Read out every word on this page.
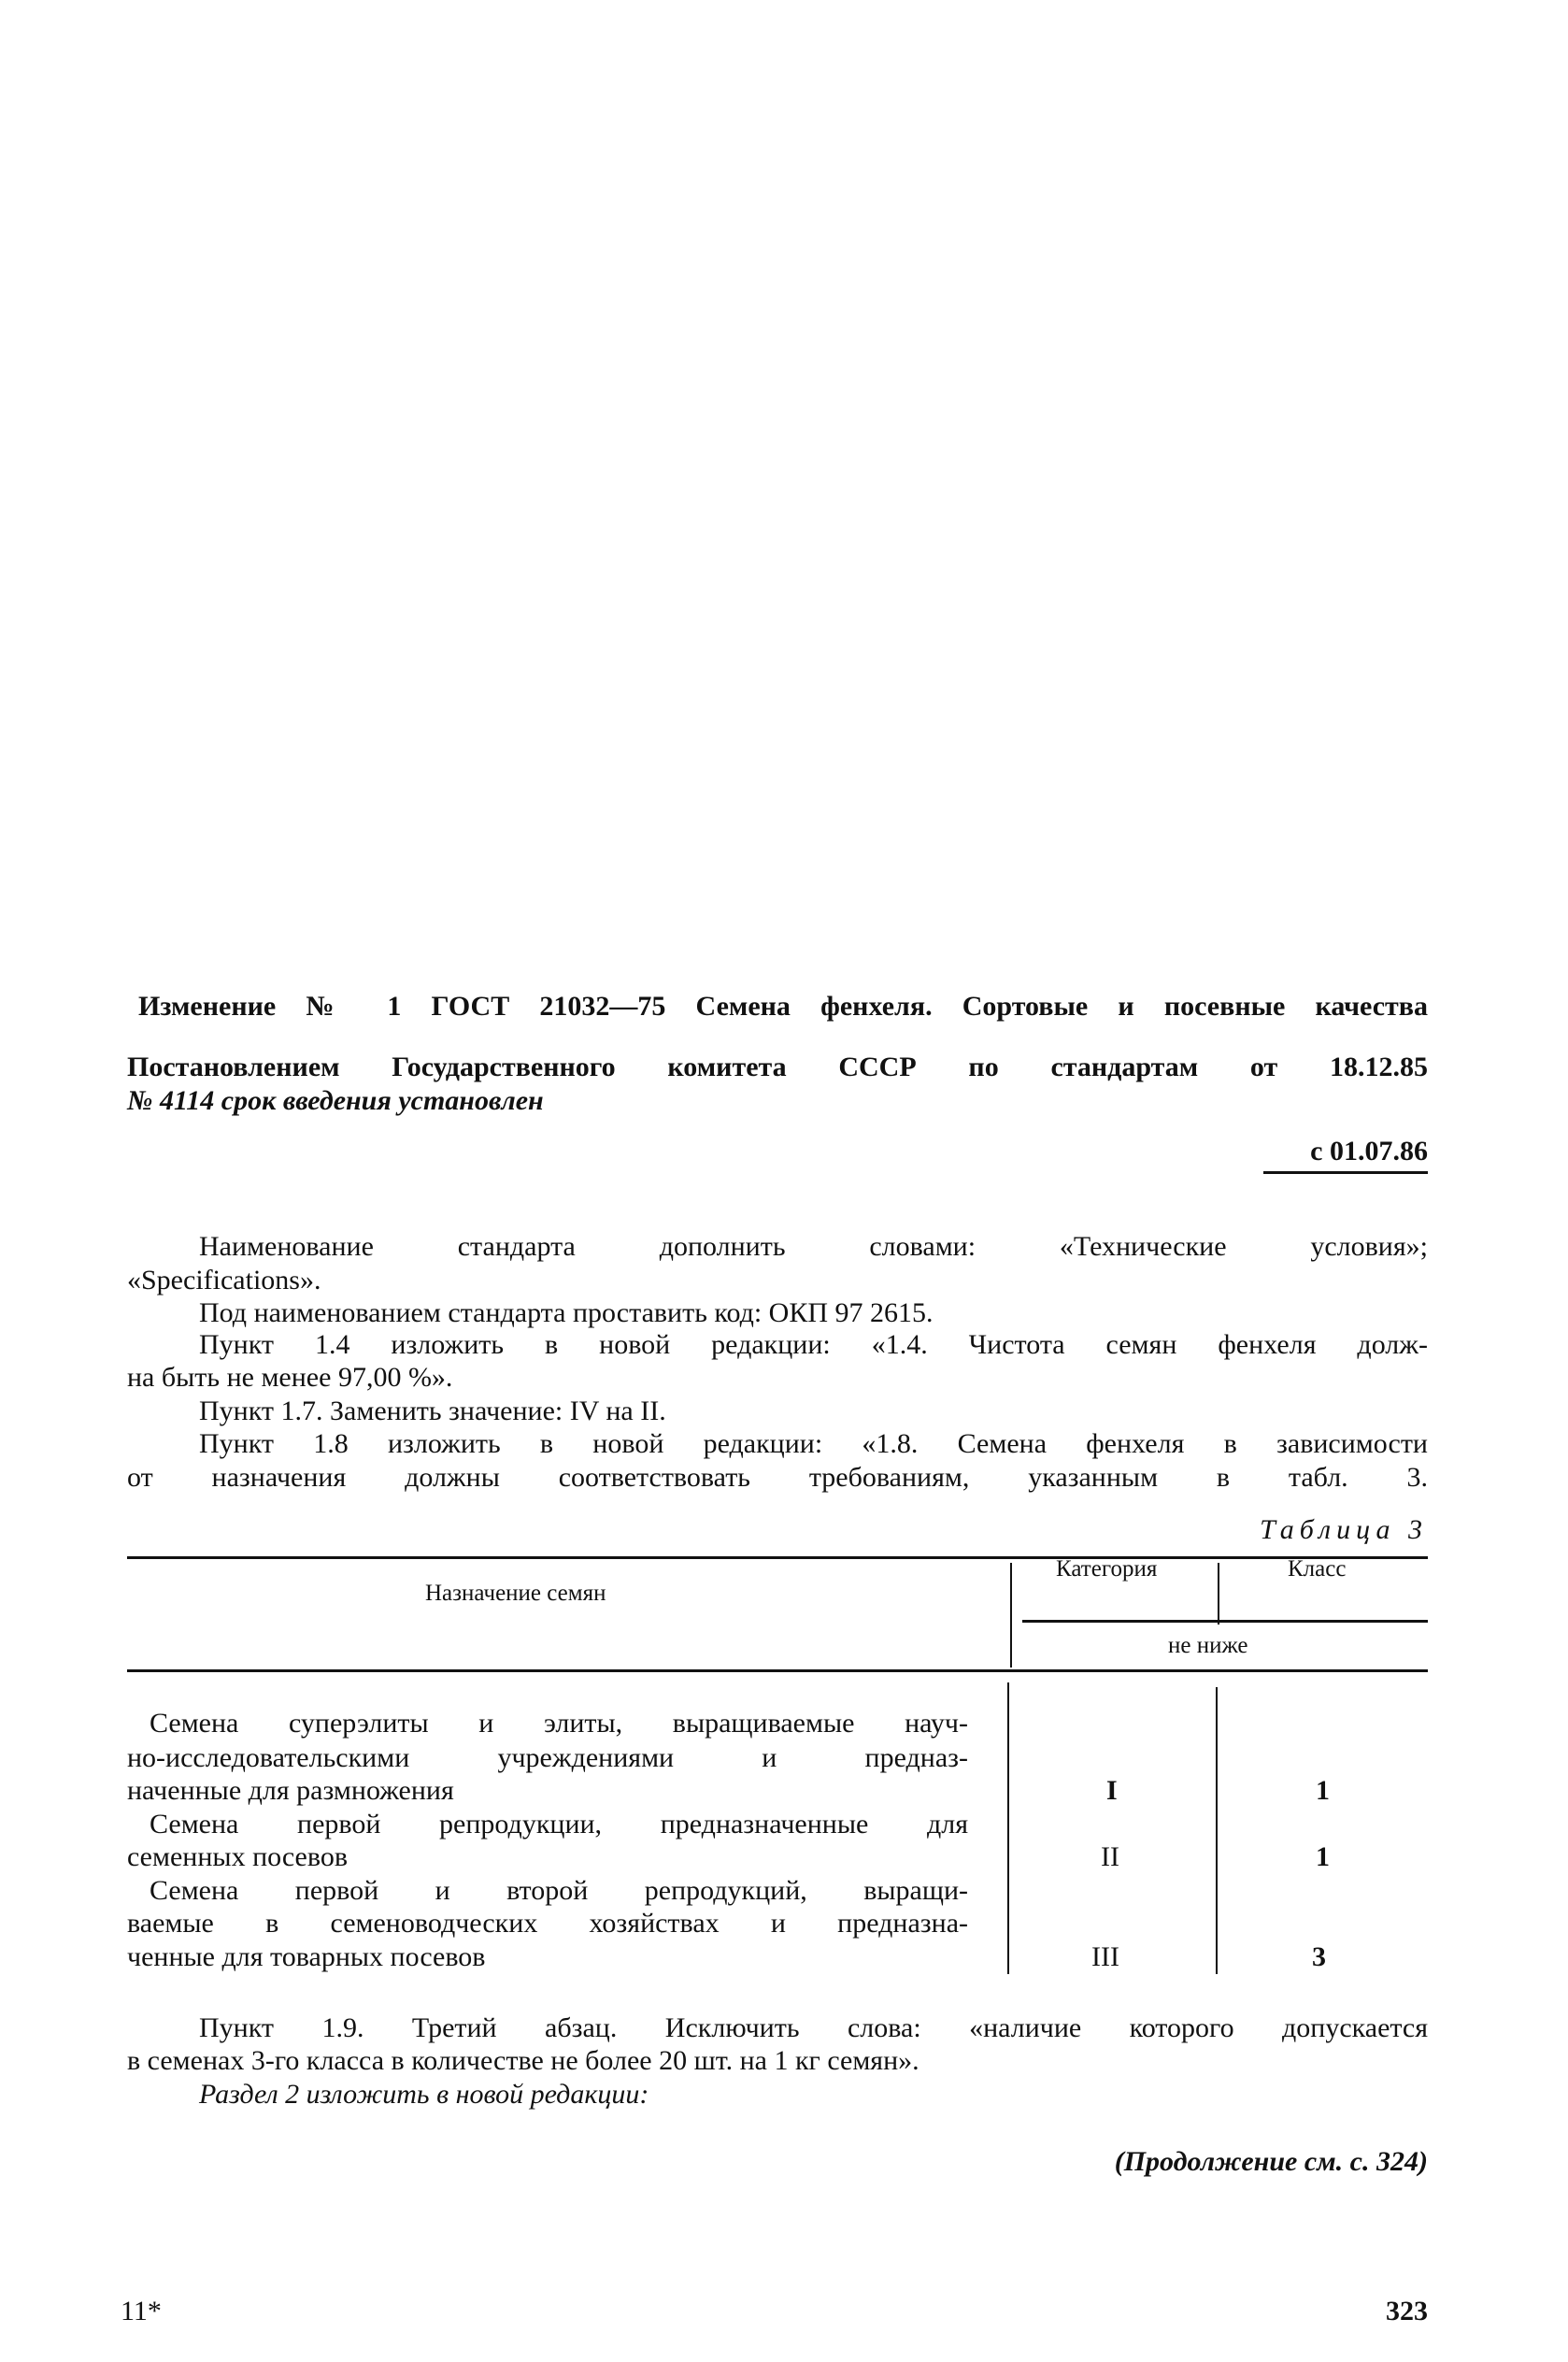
Изменение № 1 ГОСТ 21032—75 Семена фенхеля. Сортовые и посевные качества
Постановлением Государственного комитета СССР по стандартам от 18.12.85
№ 4114 срок введения установлен
с 01.07.86
Наименование стандарта дополнить словами: «Технические условия»;
«Specifications».
Под наименованием стандарта проставить код: ОКП 97 2615.
Пункт 1.4 изложить в новой редакции: «1.4. Чистота семян фенхеля долж-
на быть не менее 97,00 %».
Пункт 1.7. Заменить значение: IV на II.
Пункт 1.8 изложить в новой редакции: «1.8. Семена фенхеля в зависимости
от назначения должны соответствовать требованиям, указанным в табл. 3.
Таблица 3
Назначение семян
Категория	Класс
не ниже
Семена суперэлиты и элиты, выращиваемые науч-
но-исследовательскими учреждениями и предназ-
наченные для размножения	I	1
Семена первой репродукции, предназначенные для
семенных посевов	II	1
Семена первой и второй репродукций, выращи-
ваемые в семеноводческих хозяйствах и предназна-
ченные для товарных посевов	III	3
Пункт 1.9. Третий абзац. Исключить слова: «наличие которого допускается
в семенах 3-го класса в количестве не более 20 шт. на 1 кг семян».
Раздел 2 изложить в новой редакции:
(Продолжение см. с. 324)
11*	323
